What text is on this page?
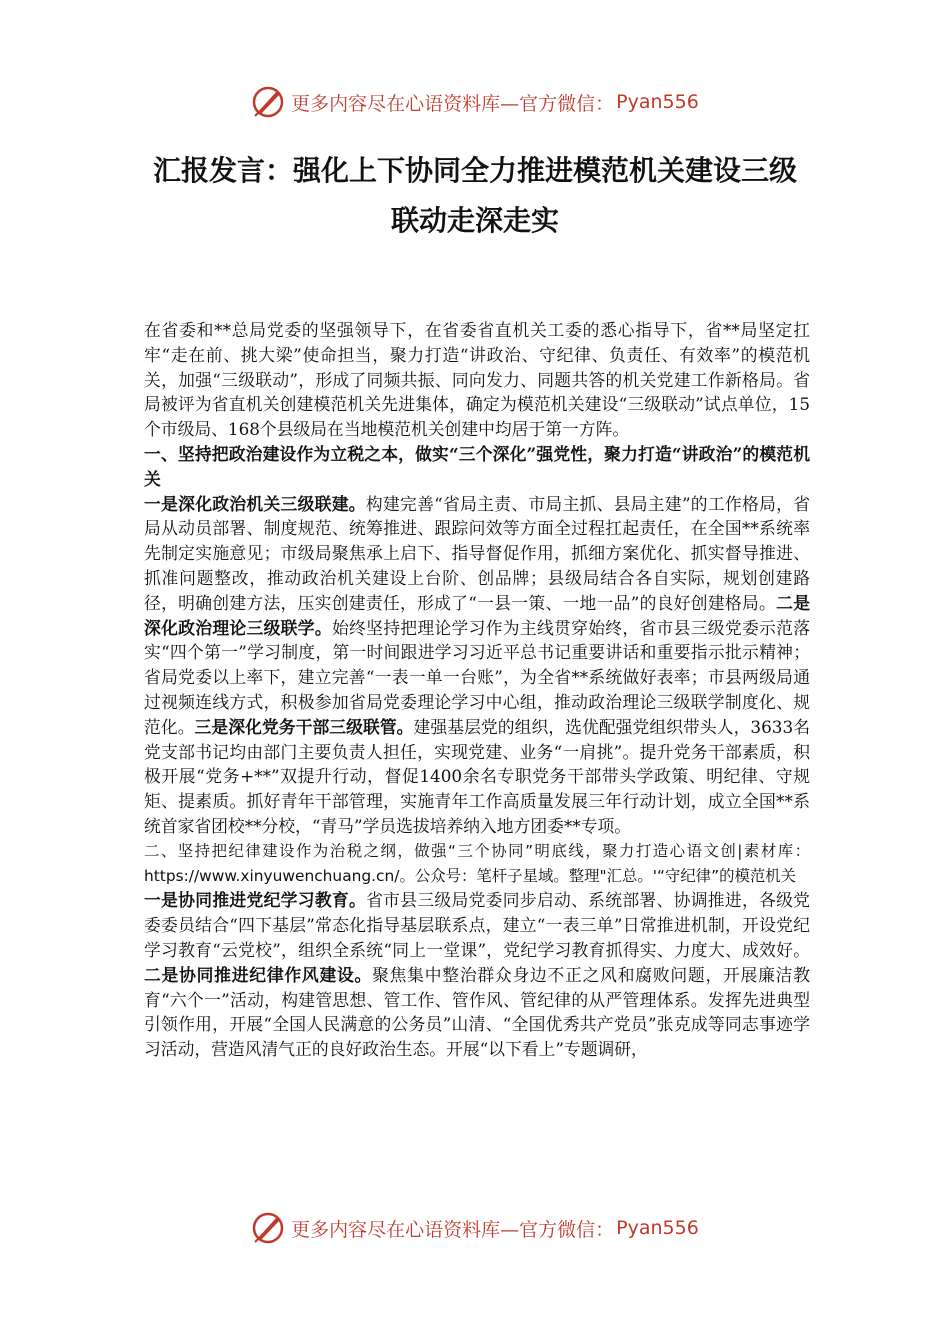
更多内容尽在心语资料库—官方微信： Pyan556
汇报发言：强化上下协同全力推进模范机关建设三级
联动走深走实

在省委和**总局党委的坚强领导下，在省委省直机关工委的悉心指导下，省**局坚定扛牢“走在前、挑大梁”使命担当，聚力打造“讲政治、守纪律、负责任、有效率”的模范机关，加强“三级联动”，形成了同频共振、同向发力、同题共答的机关党建工作新格局。省局被评为省直机关创建模范机关先进集体，确定为模范机关建设“三级联动”试点单位，15个市级局、168个县级局在当地模范机关创建中均居于第一方阵。

一、坚持把政治建设作为立税之本，做实“三个深化”强党性，聚力打造“讲政治”的模范机关

一是深化政治机关三级联建。构建完善“省局主责、市局主抓、县局主建”的工作格局，省局从动员部署、制度规范、统筹推进、跟踪问效等方面全过程扛起责任，在全国**系统率先制定实施意见；市级局聚焦承上启下、指导督促作用，抓细方案优化、抓实督导推进、抓准问题整改，推动政治机关建设上台阶、创品牌；县级局结合各自实际，规划创建路径，明确创建方法，压实创建责任，形成了“一县一策、一地一品”的良好创建格局。二是深化政治理论三级联学。始终坚持把理论学习作为主线贯穿始终，省市县三级党委示范落实“四个第一”学习制度，第一时间跟进学习习近平总书记重要讲话和重要指示批示精神；省局党委以上率下，建立完善“一表一单一台账”，为全省**系统做好表率；市县两级局通过视频连线方式，积极参加省局党委理论学习中心组，推动政治理论三级联学制度化、规范化。三是深化党务干部三级联管。建强基层党的组织，选优配强党组织带头人，3633名党支部书记均由部门主要负责人担任，实现党建、业务“一肩挑”。提升党务干部素质，积极开展“党务+**”双提升行动，督促1400余名专职党务干部带头学政策、明纪律、守规矩、提素质。抓好青年干部管理，实施青年工作高质量发展三年行动计划，成立全国**系统首家省团校**分校，“青马”学员选拔培养纳入地方团委**专项。

二、坚持把纪律建设作为治税之纲，做强“三个协同”明底线，聚力打造心语文创|素材库：https://www.xinyuwenchuang.cn/。公众号：笔杆子星域。整理"汇总。'“守纪律”的模范机关

一是协同推进党纪学习教育。省市县三级局党委同步启动、系统部署、协调推进，各级党委委员结合“四下基层”常态化指导基层联系点，建立“一表三单”日常推进机制，开设党纪学习教育“云党校”，组织全系统“同上一堂课”，党纪学习教育抓得实、力度大、成效好。二是协同推进纪律作风建设。聚焦集中整治群众身边不正之风和腐败问题，开展廉洁教育“六个一”活动，构建管思想、管工作、管作风、管纪律的从严管理体系。发挥先进典型引领作用，开展“全国人民满意的公务员”山清、“全国优秀共产党员”张克成等同志事迹学习活动，营造风清气正的良好政治生态。开展“以下看上”专题调研，

更多内容尽在心语资料库—官方微信： Pyan556
